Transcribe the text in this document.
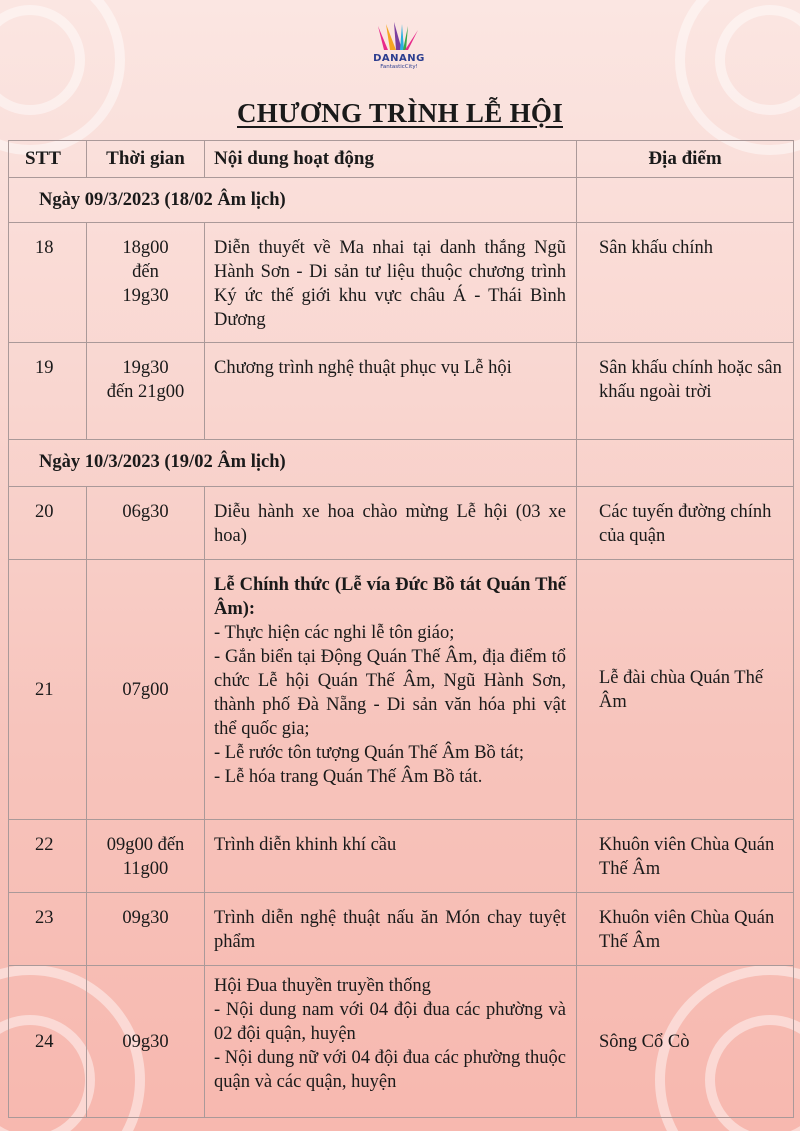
DANANG
FantasticCity!
CHƯƠNG TRÌNH LỄ HỘI
STT	Thời gian	Nội dung hoạt động	Địa điểm
Ngày 09/3/2023 (18/02 Âm lịch)			
18	18g00
đến
19g30	Diễn thuyết về Ma nhai tại danh thắng Ngũ Hành Sơn - Di sản tư liệu thuộc chương trình Ký ức thế giới khu vực châu Á - Thái Bình Dương	Sân khấu chính
19	19g30
đến 21g00	Chương trình nghệ thuật phục vụ Lễ hội	Sân khấu chính hoặc sân khấu ngoài trời
Ngày 10/3/2023 (19/02 Âm lịch)			
20	06g30	Diễu hành xe hoa chào mừng Lễ hội (03 xe hoa)	Các tuyến đường chính của quận
21	07g00	Lễ Chính thức (Lễ vía Đức Bồ tát Quán Thế Âm):
- Thực hiện các nghi lễ tôn giáo;
- Gắn biển tại Động Quán Thế Âm, địa điểm tổ chức Lễ hội Quán Thế Âm, Ngũ Hành Sơn, thành phố Đà Nẵng - Di sản văn hóa phi vật thể quốc gia;
- Lễ rước tôn tượng Quán Thế Âm Bồ tát;
- Lễ hóa trang Quán Thế Âm Bồ tát.	Lễ đài chùa Quán Thế Âm
22	09g00 đến
11g00	Trình diễn khinh khí cầu	Khuôn viên Chùa Quán Thế Âm
23	09g30	Trình diễn nghệ thuật nấu ăn Món chay tuyệt phẩm	Khuôn viên Chùa Quán Thế Âm
24	09g30	Hội Đua thuyền truyền thống
- Nội dung nam với 04 đội đua các phường và 02 đội quận, huyện
- Nội dung nữ với 04 đội đua các phường thuộc quận và các quận, huyện	Sông Cổ Cò
